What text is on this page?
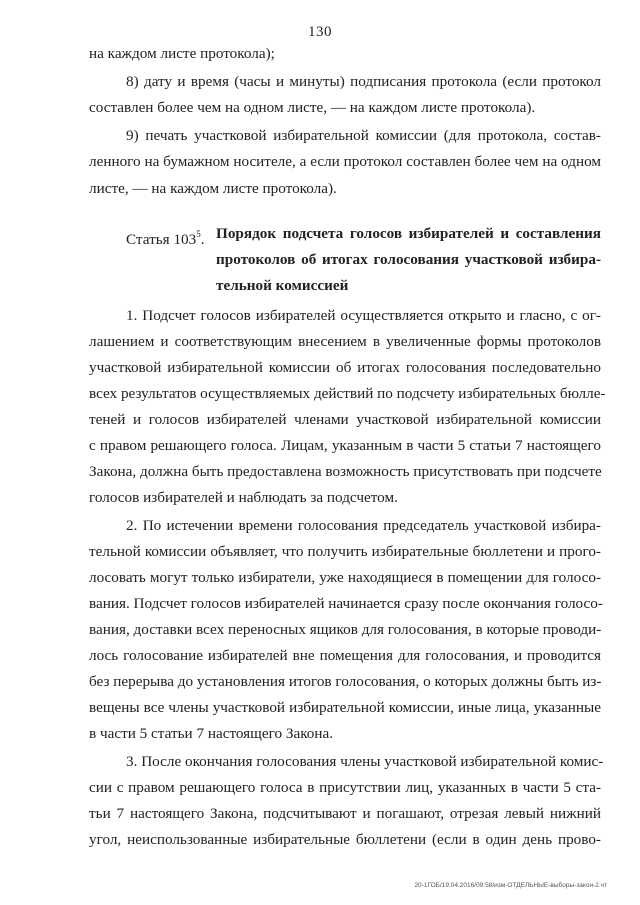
130
на каждом листе протокола);
8) дату и время (часы и минуты) подписания протокола (если протокол
составлен более чем на одном листе, — на каждом листе протокола).
9) печать участковой избирательной комиссии (для протокола, состав-
ленного на бумажном носителе, а если протокол составлен более чем на одном
листе, — на каждом листе протокола).
Статья $103^5$. Порядок подсчета голосов избирателей и составления
протоколов об итогах голосования участковой избира-
тельной комиссией
1. Подсчет голосов избирателей осуществляется открыто и гласно, с ог-
лашением и соответствующим внесением в увеличенные формы протоколов
участковой избирательной комиссии об итогах голосования последовательно
всех результатов осуществляемых действий по подсчету избирательных бюлле-
теней и голосов избирателей членами участковой избирательной комиссии
с правом решающего голоса. Лицам, указанным в части 5 статьи 7 настоящего
Закона, должна быть предоставлена возможность присутствовать при подсчете
голосов избирателей и наблюдать за подсчетом.
2. По истечении времени голосования председатель участковой избира-
тельной комиссии объявляет, что получить избирательные бюллетени и прого-
лосовать могут только избиратели, уже находящиеся в помещении для голосо-
вания. Подсчет голосов избирателей начинается сразу после окончания голосо-
вания, доставки всех переносных ящиков для голосования, в которые проводи-
лось голосование избирателей вне помещения для голосования, и проводится
без перерыва до установления итогов голосования, о которых должны быть из-
вещены все члены участковой избирательной комиссии, иные лица, указанные
в части 5 статьи 7 настоящего Закона.
3. После окончания голосования члены участковой избирательной комис-
сии с правом решающего голоса в присутствии лиц, указанных в части 5 ста-
тьи 7 настоящего Закона, подсчитывают и погашают, отрезая левый нижний
угол, неиспользованные избирательные бюллетени (если в один день прово-
20-1ГОБ/19.04.2016/09:58/изм-ОТДЕЛЬНЫЕ-выборы-закон-2.чт
